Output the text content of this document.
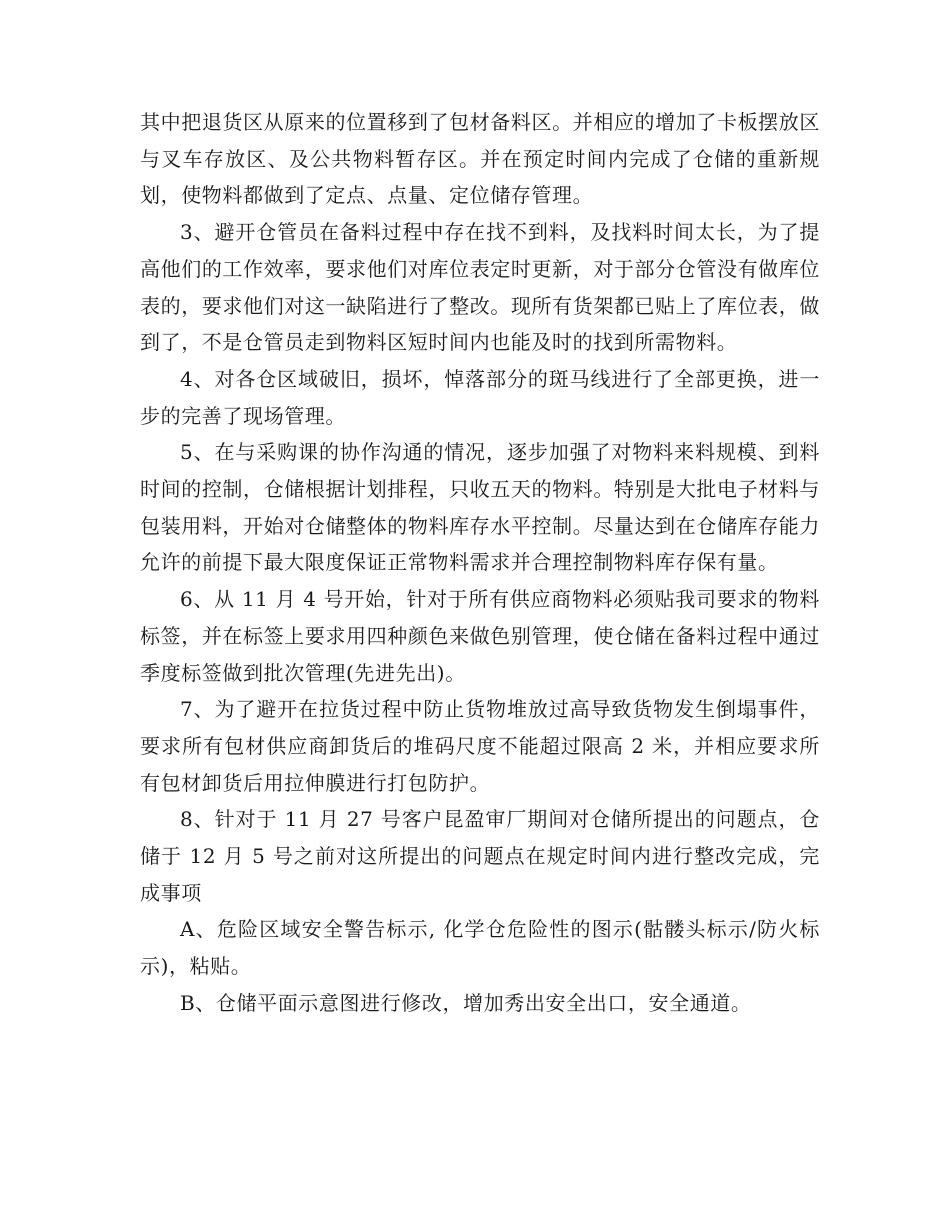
其中把退货区从原来的位置移到了包材备料区。并相应的增加了卡板摆放区与叉车存放区、及公共物料暂存区。并在预定时间内完成了仓储的重新规划，使物料都做到了定点、点量、定位储存管理。

3、避开仓管员在备料过程中存在找不到料，及找料时间太长，为了提高他们的工作效率，要求他们对库位表定时更新，对于部分仓管没有做库位表的，要求他们对这一缺陷进行了整改。现所有货架都已贴上了库位表，做到了，不是仓管员走到物料区短时间内也能及时的找到所需物料。

4、对各仓区域破旧，损坏，悼落部分的斑马线进行了全部更换，进一步的完善了现场管理。

5、在与采购课的协作沟通的情况，逐步加强了对物料来料规模、到料时间的控制，仓储根据计划排程，只收五天的物料。特别是大批电子材料与包装用料，开始对仓储整体的物料库存水平控制。尽量达到在仓储库存能力允许的前提下最大限度保证正常物料需求并合理控制物料库存保有量。

6、从 11 月 4 号开始，针对于所有供应商物料必须贴我司要求的物料标签，并在标签上要求用四种颜色来做色别管理，使仓储在备料过程中通过季度标签做到批次管理(先进先出)。

7、为了避开在拉货过程中防止货物堆放过高导致货物发生倒塌事件，要求所有包材供应商卸货后的堆码尺度不能超过限高 2 米，并相应要求所有包材卸货后用拉伸膜进行打包防护。

8、针对于 11 月 27 号客户昆盈审厂期间对仓储所提出的问题点，仓储于 12 月 5 号之前对这所提出的问题点在规定时间内进行整改完成，完成事项

A、危险区域安全警告标示, 化学仓危险性的图示(骷髅头标示/防火标示)，粘贴。

B、仓储平面示意图进行修改，增加秀出安全出口，安全通道。
